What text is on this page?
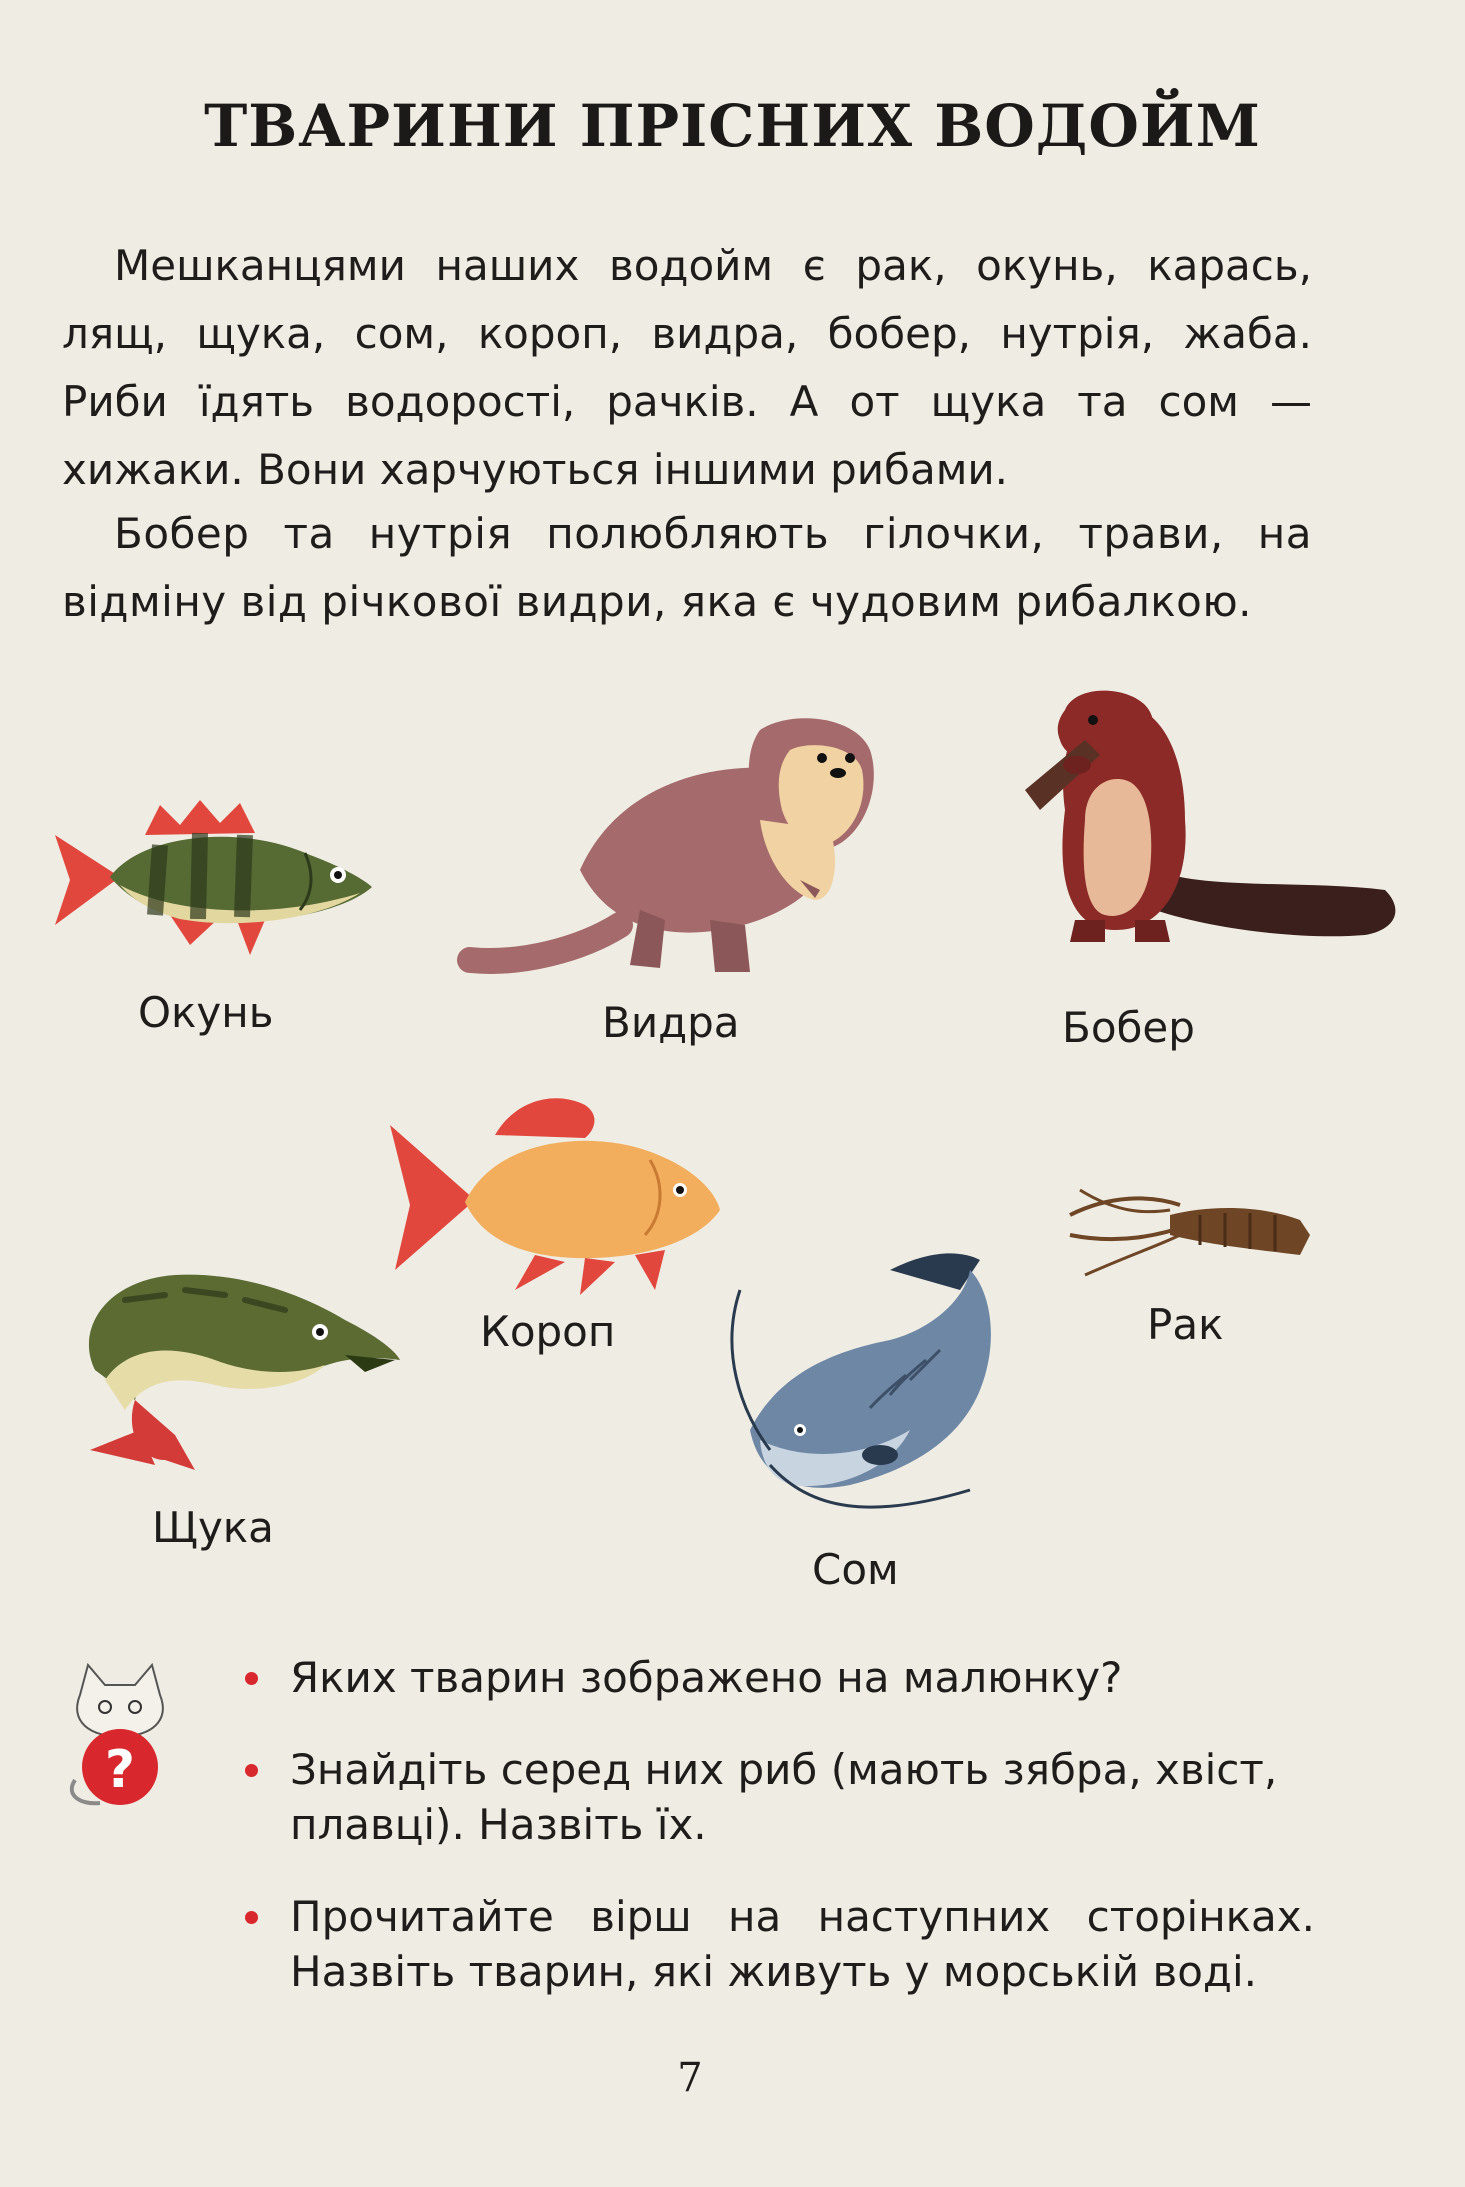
ТВАРИНИ ПРІСНИХ ВОДОЙМ
Мешканцями наших водойм є рак, окунь, карась, лящ, щука, сом, короп, видра, бобер, нутрія, жаба. Риби їдять водорості, рачків. А от щука та сом — хижаки. Вони харчуються іншими рибами.
Бобер та нутрія полюбляють гілочки, трави, на відміну від річкової видри, яка є чудовим рибалкою.
Окунь	Видра	Бобер
Короп	Рак
Щука
Сом
?
Яких тварин зображено на малюнку?
Знайдіть серед них риб (мають зябра, хвіст, плавці). Назвіть їх.
Прочитайте вірш на наступних сторінках. Назвіть тварин, які живуть у морській воді.
7
